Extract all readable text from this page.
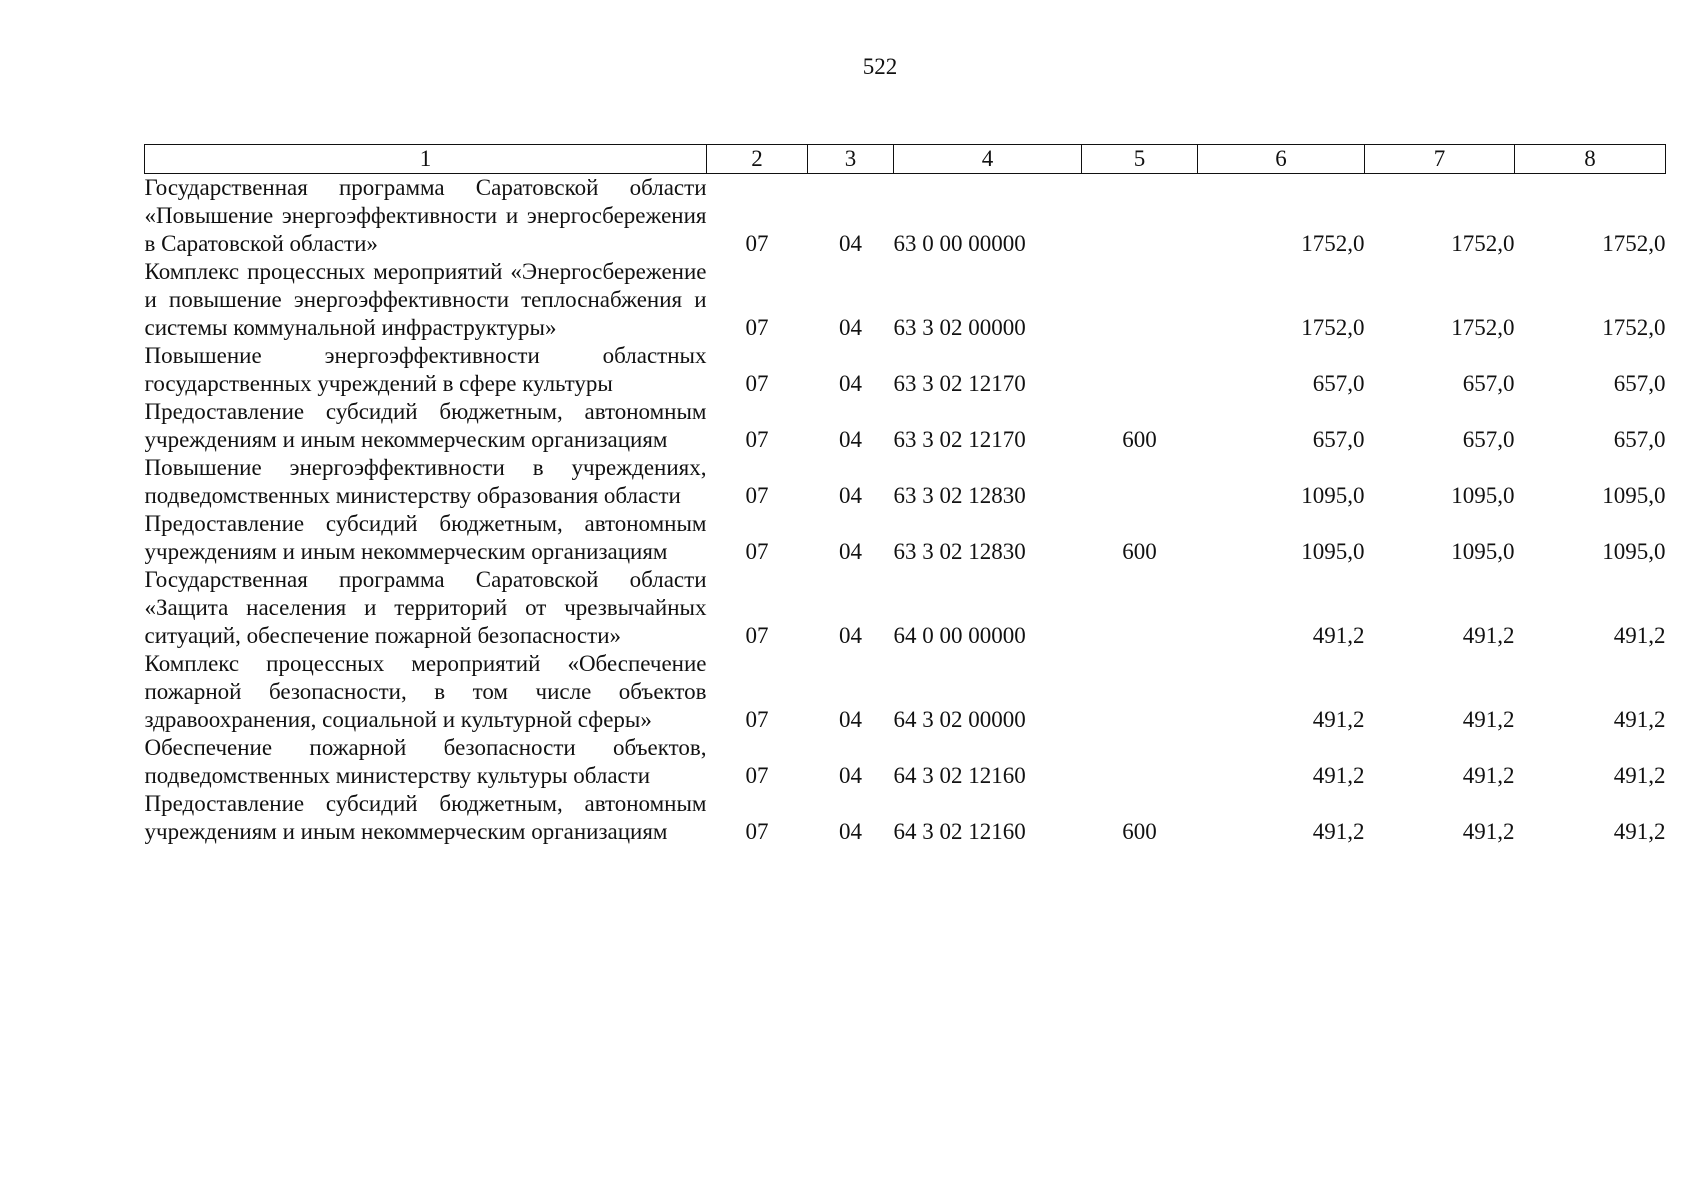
522
1	2	3	4	5	6	7	8
Государственная программа Саратовской области «Повышение энергоэффективности и энергосбережения в Саратовской области»	07	04	63 0 00 00000		1752,0	1752,0	1752,0
Комплекс процессных мероприятий «Энергосбережение и повышение энергоэффективности теплоснабжения и системы коммунальной инфраструктуры»	07	04	63 3 02 00000		1752,0	1752,0	1752,0
Повышение энергоэффективности областных государственных учреждений в сфере культуры	07	04	63 3 02 12170		657,0	657,0	657,0
Предоставление субсидий бюджетным, автономным учреждениям и иным некоммерческим организациям	07	04	63 3 02 12170	600	657,0	657,0	657,0
Повышение энергоэффективности в учреждениях, подведомственных министерству образования области	07	04	63 3 02 12830		1095,0	1095,0	1095,0
Предоставление субсидий бюджетным, автономным учреждениям и иным некоммерческим организациям	07	04	63 3 02 12830	600	1095,0	1095,0	1095,0
Государственная программа Саратовской области «Защита населения и территорий от чрезвычайных ситуаций, обеспечение пожарной безопасности»	07	04	64 0 00 00000		491,2	491,2	491,2
Комплекс процессных мероприятий «Обеспечение пожарной безопасности, в том числе объектов здравоохранения, социальной и культурной сферы»	07	04	64 3 02 00000		491,2	491,2	491,2
Обеспечение пожарной безопасности объектов, подведомственных министерству культуры области	07	04	64 3 02 12160		491,2	491,2	491,2
Предоставление субсидий бюджетным, автономным учреждениям и иным некоммерческим организациям	07	04	64 3 02 12160	600	491,2	491,2	491,2
